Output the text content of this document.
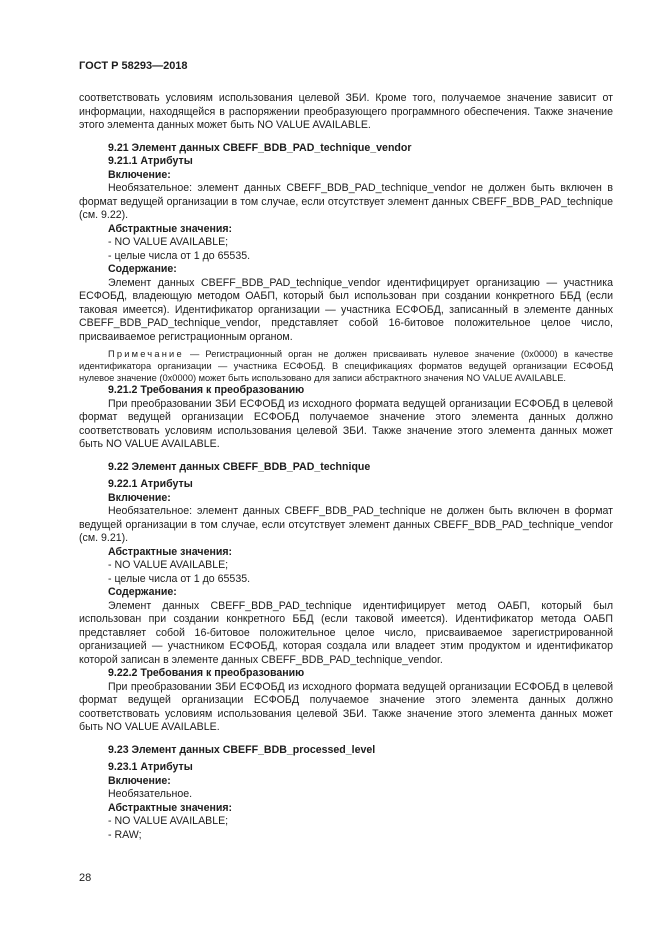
ГОСТ Р 58293—2018

соответствовать условиям использования целевой ЗБИ. Кроме того, получаемое значение зависит от информации, находящейся в распоряжении преобразующего программного обеспечения. Также значение этого элемента данных может быть NO VALUE AVAILABLE.

9.21 Элемент данных CBEFF_BDB_PAD_technique_vendor

9.21.1 Атрибуты

Включение:

Необязательное: элемент данных CBEFF_BDB_PAD_technique_vendor не должен быть включен в формат ведущей организации в том случае, если отсутствует элемент данных CBEFF_BDB_PAD_technique (см. 9.22).

Абстрактные значения:

- NO VALUE AVAILABLE;

- целые числа от 1 до 65535.

Содержание:

Элемент данных CBEFF_BDB_PAD_technique_vendor идентифицирует организацию — участника ЕСФОБД, владеющую методом ОАБП, который был использован при создании конкретного ББД (если таковая имеется). Идентификатор организации — участника ЕСФОБД, записанный в элементе данных CBEFF_BDB_PAD_technique_vendor, представляет собой 16-битовое положительное целое число, присваиваемое регистрационным органом.

Примечание — Регистрационный орган не должен присваивать нулевое значение (0x0000) в качестве идентификатора организации — участника ЕСФОБД. В спецификациях форматов ведущей организации ЕСФОБД нулевое значение (0x0000) может быть использовано для записи абстрактного значения NO VALUE AVAILABLE.

9.21.2 Требования к преобразованию

При преобразовании ЗБИ ЕСФОБД из исходного формата ведущей организации ЕСФОБД в целевой формат ведущей организации ЕСФОБД получаемое значение этого элемента данных должно соответствовать условиям использования целевой ЗБИ. Также значение этого элемента данных может быть NO VALUE AVAILABLE.

9.22 Элемент данных CBEFF_BDB_PAD_technique

9.22.1 Атрибуты

Включение:

Необязательное: элемент данных CBEFF_BDB_PAD_technique не должен быть включен в формат ведущей организации в том случае, если отсутствует элемент данных CBEFF_BDB_PAD_technique_vendor (см. 9.21).

Абстрактные значения:

- NO VALUE AVAILABLE;

- целые числа от 1 до 65535.

Содержание:

Элемент данных CBEFF_BDB_PAD_technique идентифицирует метод ОАБП, который был использован при создании конкретного ББД (если таковой имеется). Идентификатор метода ОАБП представляет собой 16-битовое положительное целое число, присваиваемое зарегистрированной организацией — участником ЕСФОБД, которая создала или владеет этим продуктом и идентификатор которой записан в элементе данных CBEFF_BDB_PAD_technique_vendor.

9.22.2 Требования к преобразованию

При преобразовании ЗБИ ЕСФОБД из исходного формата ведущей организации ЕСФОБД в целевой формат ведущей организации ЕСФОБД получаемое значение этого элемента данных должно соответствовать условиям использования целевой ЗБИ. Также значение этого элемента данных может быть NO VALUE AVAILABLE.

9.23 Элемент данных CBEFF_BDB_processed_level

9.23.1 Атрибуты

Включение:

Необязательное.

Абстрактные значения:

- NO VALUE AVAILABLE;

- RAW;

28
